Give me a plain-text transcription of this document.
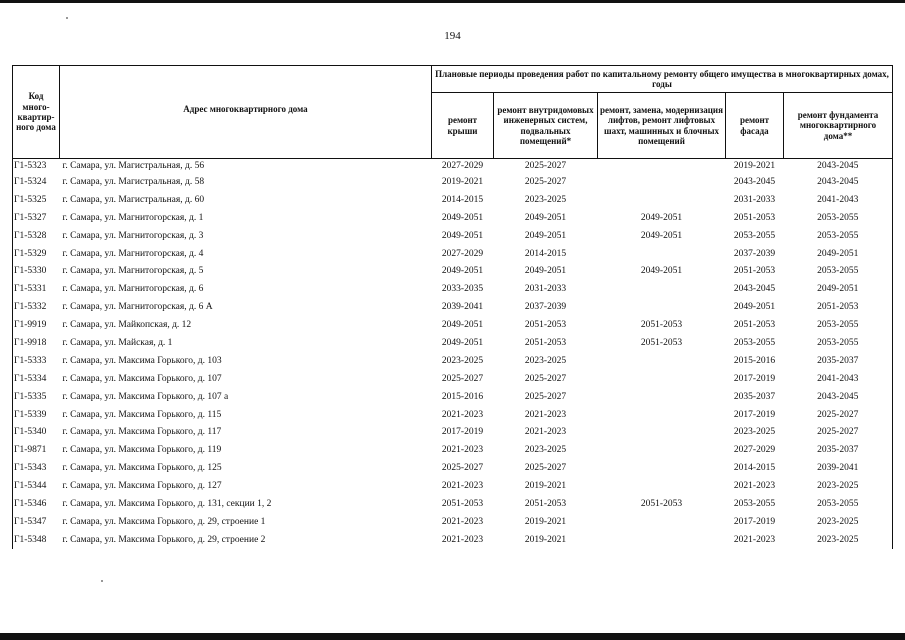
194
Код много-квартир-ного дома	Адрес многоквартирного дома	Плановые периоды проведения работ по капитальному ремонту общего имущества в многоквартирных домах, годы				
		ремонт крыши	ремонт внутридомовых инженерных систем, подвальных помещений*	ремонт, замена, модернизация лифтов, ремонт лифтовых шахт, машинных и блочных помещений	ремонт фасада	ремонт фундамента многоквартирного дома**
Г1-5323	г. Самара, ул. Магистральная, д. 56	2027-2029	2025-2027		2019-2021	2043-2045
Г1-5324	г. Самара, ул. Магистральная, д. 58	2019-2021	2025-2027		2043-2045	2043-2045
Г1-5325	г. Самара, ул. Магистральная, д. 60	2014-2015	2023-2025		2031-2033	2041-2043
Г1-5327	г. Самара, ул. Магнитогорская, д. 1	2049-2051	2049-2051	2049-2051	2051-2053	2053-2055
Г1-5328	г. Самара, ул. Магнитогорская, д. 3	2049-2051	2049-2051	2049-2051	2053-2055	2053-2055
Г1-5329	г. Самара, ул. Магнитогорская, д. 4	2027-2029	2014-2015		2037-2039	2049-2051
Г1-5330	г. Самара, ул. Магнитогорская, д. 5	2049-2051	2049-2051	2049-2051	2051-2053	2053-2055
Г1-5331	г. Самара, ул. Магнитогорская, д. 6	2033-2035	2031-2033		2043-2045	2049-2051
Г1-5332	г. Самара, ул. Магнитогорская, д. 6 А	2039-2041	2037-2039		2049-2051	2051-2053
Г1-9919	г. Самара, ул. Майкопская, д. 12	2049-2051	2051-2053	2051-2053	2051-2053	2053-2055
Г1-9918	г. Самара, ул. Майская, д. 1	2049-2051	2051-2053	2051-2053	2053-2055	2053-2055
Г1-5333	г. Самара, ул. Максима Горького, д. 103	2023-2025	2023-2025		2015-2016	2035-2037
Г1-5334	г. Самара, ул. Максима Горького, д. 107	2025-2027	2025-2027		2017-2019	2041-2043
Г1-5335	г. Самара, ул. Максима Горького, д. 107 а	2015-2016	2025-2027		2035-2037	2043-2045
Г1-5339	г. Самара, ул. Максима Горького, д. 115	2021-2023	2021-2023		2017-2019	2025-2027
Г1-5340	г. Самара, ул. Максима Горького, д. 117	2017-2019	2021-2023		2023-2025	2025-2027
Г1-9871	г. Самара, ул. Максима Горького, д. 119	2021-2023	2023-2025		2027-2029	2035-2037
Г1-5343	г. Самара, ул. Максима Горького, д. 125	2025-2027	2025-2027		2014-2015	2039-2041
Г1-5344	г. Самара, ул. Максима Горького, д. 127	2021-2023	2019-2021		2021-2023	2023-2025
Г1-5346	г. Самара, ул. Максима Горького, д. 131, секции 1, 2	2051-2053	2051-2053	2051-2053	2053-2055	2053-2055
Г1-5347	г. Самара, ул. Максима Горького, д. 29, строение 1	2021-2023	2019-2021		2017-2019	2023-2025
Г1-5348	г. Самара, ул. Максима Горького, д. 29, строение 2	2021-2023	2019-2021		2021-2023	2023-2025
